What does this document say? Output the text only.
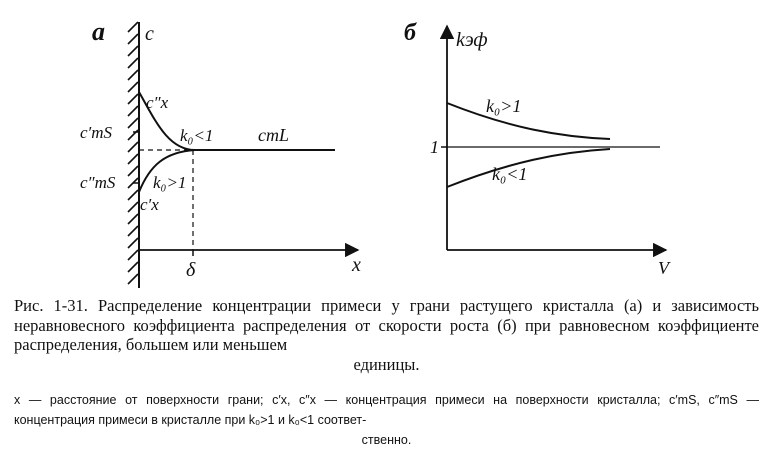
а c
x
δ
c″x
c′mS	cmL
k₀<1
c″mS k₀>1
c′x
б kэф
V
1
k₀>1
k₀<1
Рис. 1-31. Распределение концентрации примеси у грани растущего кристалла (а) и зависимость неравновесного коэффициента распределения от скорости роста (б) при равновесном коэффициенте распределения, большем или меньшем
единицы.
x — расстояние от поверхности грани; c′x, c″x — концентрация примеси на поверхности кристалла; c′mS, c″mS — концентрация примеси в кристалле при k₀>1 и k₀<1 соответ-
ственно.
